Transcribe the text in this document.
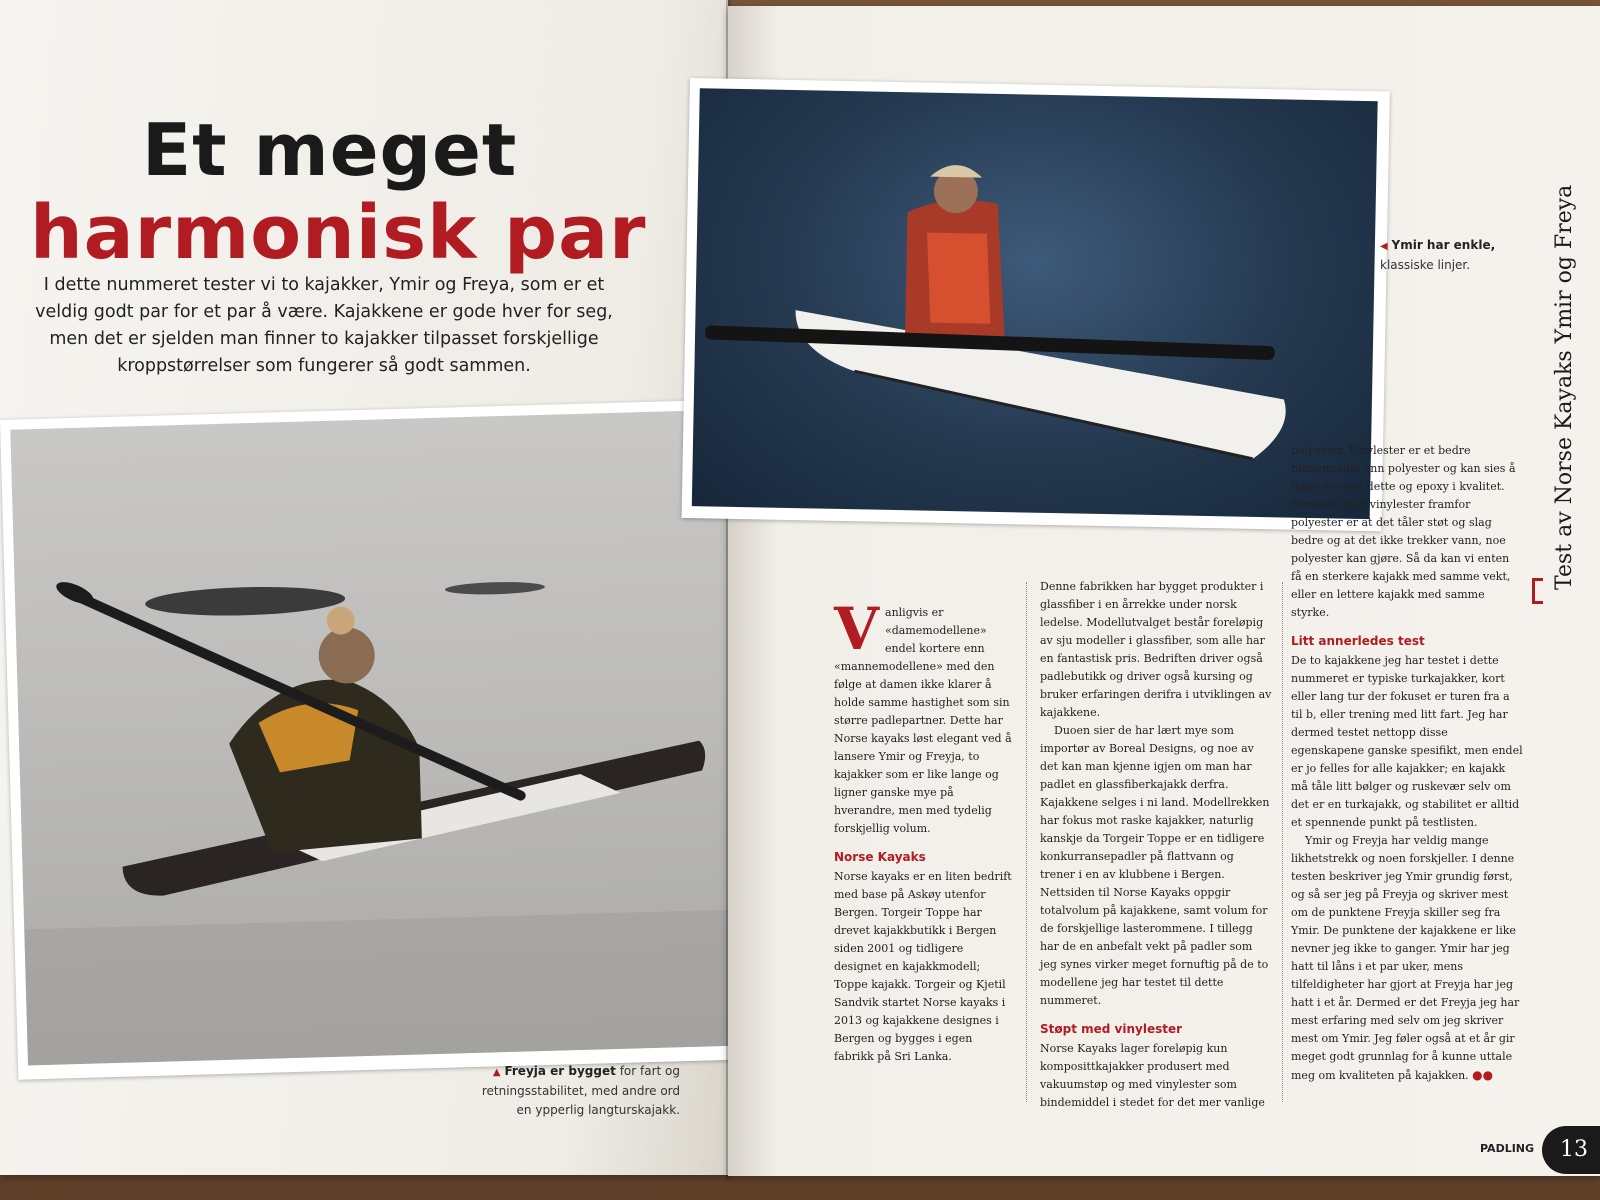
Et meget
harmonisk par

I dette nummeret tester vi to kajakker, Ymir og Freya, som er et veldig godt par for et par å være. Kajakkene er gode hver for seg, men det er sjelden man finner to kajakker tilpasset forskjellige kroppstørrelser som fungerer så godt sammen.

▲ Freyja er bygget for fart og retningsstabilitet, med andre ord en ypperlig langturskajakk.

◀ Ymir har enkle,
klassiske linjer.	Test av Norse Kayaks Ymir og Freya
V anligvis er «damemodellene» endel kortere enn «mannemodellene» med den følge at damen ikke klarer å holde samme hastighet som sin større padlepartner. Dette har Norse kayaks løst elegant ved å lansere Ymir og Freyja, to kajakker som er like lange og ligner ganske mye på hverandre, men med tydelig forskjellig volum.

Norse Kayaks

Norse kayaks er en liten bedrift med base på Askøy utenfor Bergen. Torgeir Toppe har drevet kajakkbutikk i Bergen siden 2001 og tidligere designet en kajakkmodell; Toppe kajakk. Torgeir og Kjetil Sandvik startet Norse kayaks i 2013 og kajakkene designes i Bergen og bygges i egen fabrikk på Sri Lanka.

Denne fabrikken har bygget produkter i glassfiber i en årrekke under norsk ledelse. Modellutvalget består foreløpig av sju modeller i glassfiber, som alle har en fantastisk pris. Bedriften driver også padlebutikk og driver også kursing og bruker erfaringen derifra i utviklingen av kajakkene.

Duoen sier de har lært mye som importør av Boreal Designs, og noe av det kan man kjenne igjen om man har padlet en glassfiberkajakk derfra. Kajakkene selges i ni land. Modellrekken har fokus mot raske kajakker, naturlig kanskje da Torgeir Toppe er en tidligere konkurransepadler på flattvann og trener i en av klubbene i Bergen. Nettsiden til Norse Kayaks oppgir totalvolum på kajakkene, samt volum for de forskjellige lasterommene. I tillegg har de en anbefalt vekt på padler som jeg synes virker meget fornuftig på de to modellene jeg har testet til dette nummeret.

Støpt med vinylester

Norse Kayaks lager foreløpig kun komposittkajakker produsert med vakuumstøp og med vinylester som bindemiddel i stedet for det mer vanlige

polyester. Vinylester er et bedre bindemiddel enn polyester og kan sies å ligge mellom dette og epoxy i kvalitet. Fordeler med vinylester framfor polyester er at det tåler støt og slag bedre og at det ikke trekker vann, noe polyester kan gjøre. Så da kan vi enten få en sterkere kajakk med samme vekt, eller en lettere kajakk med samme styrke.

Litt annerledes test

De to kajakkene jeg har testet i dette nummeret er typiske turkajakker, kort eller lang tur der fokuset er turen fra a til b, eller trening med litt fart. Jeg har dermed testet nettopp disse egenskapene ganske spesifikt, men endel er jo felles for alle kajakker; en kajakk må tåle litt bølger og ruskevær selv om det er en turkajakk, og stabilitet er alltid et spennende punkt på testlisten.

Ymir og Freyja har veldig mange likhetstrekk og noen forskjeller. I denne testen beskriver jeg Ymir grundig først, og så ser jeg på Freyja og skriver mest om de punktene Freyja skiller seg fra Ymir. De punktene der kajakkene er like nevner jeg ikke to ganger. Ymir har jeg hatt til låns i et par uker, mens tilfeldigheter har gjort at Freyja har jeg hatt i et år. Dermed er det Freyja jeg har mest erfaring med selv om jeg skriver mest om Ymir. Jeg føler også at et år gir meget godt grunnlag for å kunne uttale meg om kvaliteten på kajakken. ●●

PADLING	13
